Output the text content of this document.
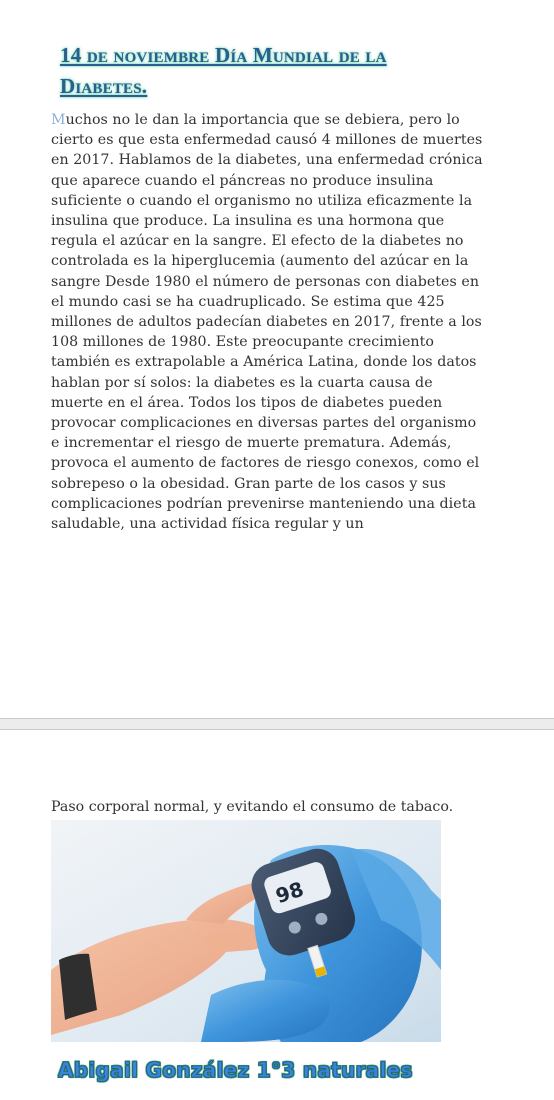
14 de noviembre Día Mundial de la Diabetes.

Muchos no le dan la importancia que se debiera, pero lo cierto es que esta enfermedad causó 4 millones de muertes en 2017. Hablamos de la diabetes, una enfermedad crónica que aparece cuando el páncreas no produce insulina suficiente o cuando el organismo no utiliza eficazmente la insulina que produce. La insulina es una hormona que regula el azúcar en la sangre. El efecto de la diabetes no controlada es la hiperglucemia (aumento del azúcar en la sangre Desde 1980 el número de personas con diabetes en el mundo casi se ha cuadruplicado. Se estima que 425 millones de adultos padecían diabetes en 2017, frente a los 108 millones de 1980. Este preocupante crecimiento también es extrapolable a América Latina, donde los datos hablan por sí solos: la diabetes es la cuarta causa de muerte en el área. Todos los tipos de diabetes pueden provocar complicaciones en diversas partes del organismo e incrementar el riesgo de muerte prematura. Además, provoca el aumento de factores de riesgo conexos, como el sobrepeso o la obesidad. Gran parte de los casos y sus complicaciones podrían prevenirse manteniendo una dieta saludable, una actividad física regular y un

Paso corporal normal, y evitando el consumo de tabaco.

98

Abigail González 1°3 naturales
